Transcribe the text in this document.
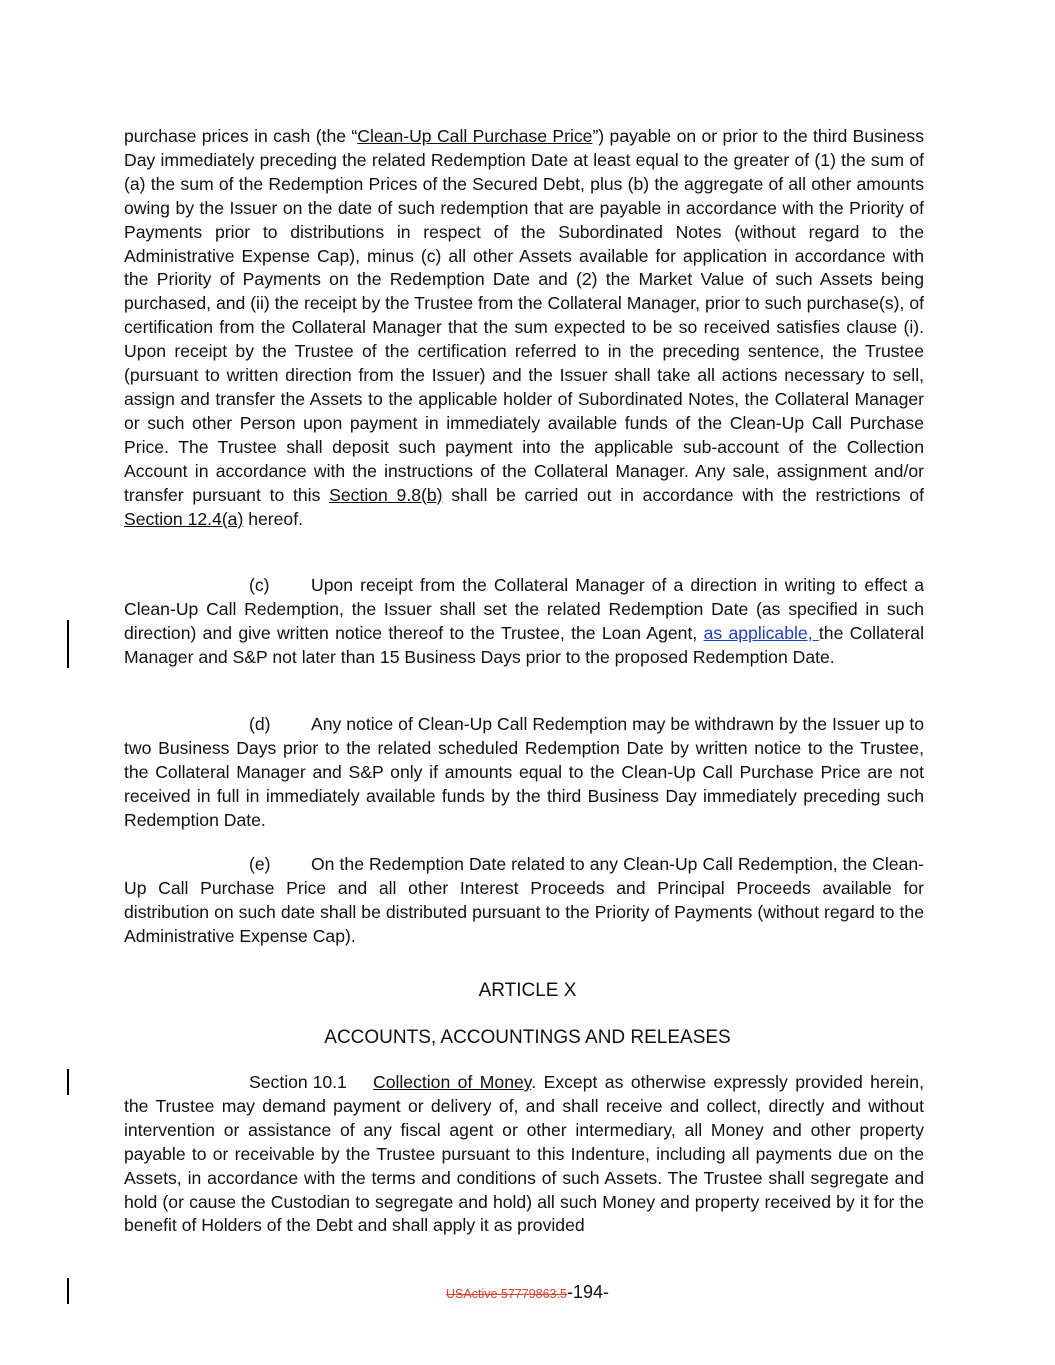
purchase prices in cash (the “Clean-Up Call Purchase Price”) payable on or prior to the third Business Day immediately preceding the related Redemption Date at least equal to the greater of (1) the sum of (a) the sum of the Redemption Prices of the Secured Debt, plus (b) the aggregate of all other amounts owing by the Issuer on the date of such redemption that are payable in accordance with the Priority of Payments prior to distributions in respect of the Subordinated Notes (without regard to the Administrative Expense Cap), minus (c) all other Assets available for application in accordance with the Priority of Payments on the Redemption Date and (2) the Market Value of such Assets being purchased, and (ii) the receipt by the Trustee from the Collateral Manager, prior to such purchase(s), of certification from the Collateral Manager that the sum expected to be so received satisfies clause (i). Upon receipt by the Trustee of the certification referred to in the preceding sentence, the Trustee (pursuant to written direction from the Issuer) and the Issuer shall take all actions necessary to sell, assign and transfer the Assets to the applicable holder of Subordinated Notes, the Collateral Manager or such other Person upon payment in immediately available funds of the Clean-Up Call Purchase Price. The Trustee shall deposit such payment into the applicable sub-account of the Collection Account in accordance with the instructions of the Collateral Manager. Any sale, assignment and/or transfer pursuant to this Section 9.8(b) shall be carried out in accordance with the restrictions of Section 12.4(a) hereof.
(c) Upon receipt from the Collateral Manager of a direction in writing to effect a Clean-Up Call Redemption, the Issuer shall set the related Redemption Date (as specified in such direction) and give written notice thereof to the Trustee, the Loan Agent, as applicable, the Collateral Manager and S&P not later than 15 Business Days prior to the proposed Redemption Date.
(d) Any notice of Clean-Up Call Redemption may be withdrawn by the Issuer up to two Business Days prior to the related scheduled Redemption Date by written notice to the Trustee, the Collateral Manager and S&P only if amounts equal to the Clean-Up Call Purchase Price are not received in full in immediately available funds by the third Business Day immediately preceding such Redemption Date.
(e) On the Redemption Date related to any Clean-Up Call Redemption, the Clean-Up Call Purchase Price and all other Interest Proceeds and Principal Proceeds available for distribution on such date shall be distributed pursuant to the Priority of Payments (without regard to the Administrative Expense Cap).
ARTICLE X
ACCOUNTS, ACCOUNTINGS AND RELEASES
Section 10.1 Collection of Money. Except as otherwise expressly provided herein, the Trustee may demand payment or delivery of, and shall receive and collect, directly and without intervention or assistance of any fiscal agent or other intermediary, all Money and other property payable to or receivable by the Trustee pursuant to this Indenture, including all payments due on the Assets, in accordance with the terms and conditions of such Assets. The Trustee shall segregate and hold (or cause the Custodian to segregate and hold) all such Money and property received by it for the benefit of Holders of the Debt and shall apply it as provided
USActive 57779863.5-194-
